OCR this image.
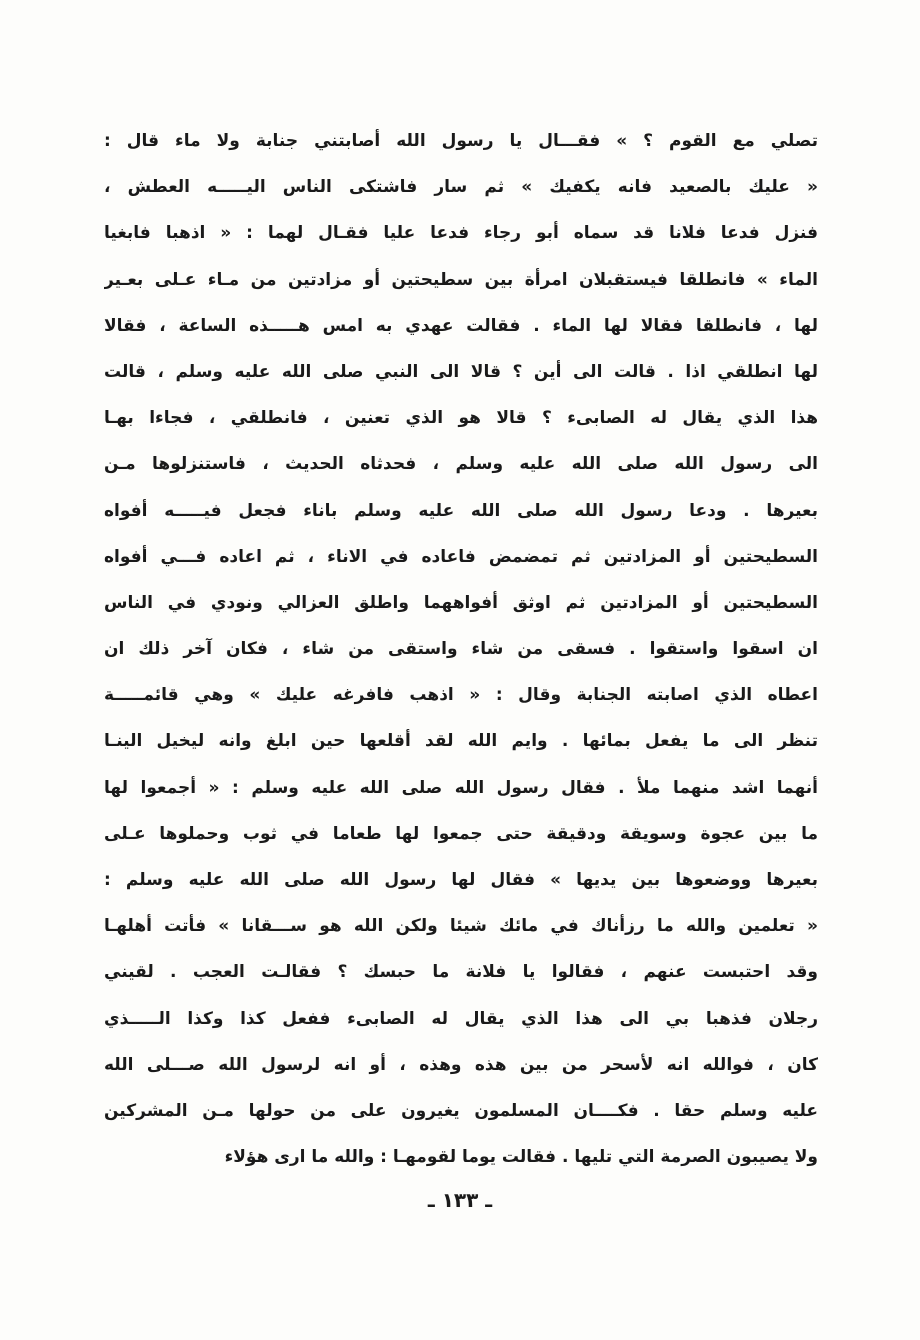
تصلي مع القوم ؟ » فقـــال يا رسول الله أصابتني جنابة ولا ماء قال :
« عليك بالصعيد فانه يكفيك » ثم سار فاشتكى الناس اليـــــه العطش ،
فنزل فدعا فلانا قد سماه أبو رجاء فدعا عليا فقـال لهما : « اذهبا فابغيا
الماء » فانطلقا فيستقبلان امرأة بين سطيحتين أو مزادتين من مـاء عـلى بعـير
لها ، فانطلقا فقالا لها الماء . فقالت عهدي به امس هـــــذه الساعة ، فقالا
لها انطلقي اذا . قالت الى أين ؟ قالا الى النبي صلى الله عليه وسلم ، قالت
هذا الذي يقال له الصابىء ؟ قالا هو الذي تعنين ، فانطلقي ، فجاءا بهـا
الى رسول الله صلى الله عليه وسلم ، فحدثاه الحديث ، فاستنزلوها مـن
بعيرها . ودعا رسول الله صلى الله عليه وسلم باناء فجعل فيـــــه أفواه
السطيحتين أو المزادتين ثم تمضمض فاعاده في الاناء ، ثم اعاده فـــي أفواه
السطيحتين أو المزادتين ثم اوثق أفواههما واطلق العزالي ونودي في الناس
ان اسقوا واستقوا . فسقى من شاء واستقى من شاء ، فكان آخر ذلك ان
اعطاه الذي اصابته الجنابة وقال : « اذهب فافرغه عليك » وهي قائمـــــة
تنظر الى ما يفعل بمائها . وايم الله لقد أقلعها حين ابلغ وانه ليخيل الينـا
أنهما اشد منهما ملأ . فقال رسول الله صلى الله عليه وسلم : « أجمعوا لها
ما بين عجوة وسويقة ودقيقة حتى جمعوا لها طعاما في ثوب وحملوها عـلى
بعيرها ووضعوها بين يديها » فقال لها رسول الله صلى الله عليه وسلم :
« تعلمين والله ما رزأناك في مائك شيئا ولكن الله هو ســـقانا » فأتت أهلهـا
وقد احتبست عنهم ، فقالوا يا فلانة ما حبسك ؟ فقالـت العجب . لقيني
رجلان فذهبا بي الى هذا الذي يقال له الصابىء ففعل كذا وكذا الـــــذي
كان ، فوالله انه لأسحر من بين هذه وهذه ، أو انه لرسول الله صـــلى الله
عليه وسلم حقا . فكــــان المسلمون يغيرون على من حولها مـن المشركين
ولا يصيبون الصرمة التي تليها . فقالت يوما لقومهـا : والله ما ارى هؤلاء
ـ ١٣٣ ـ
